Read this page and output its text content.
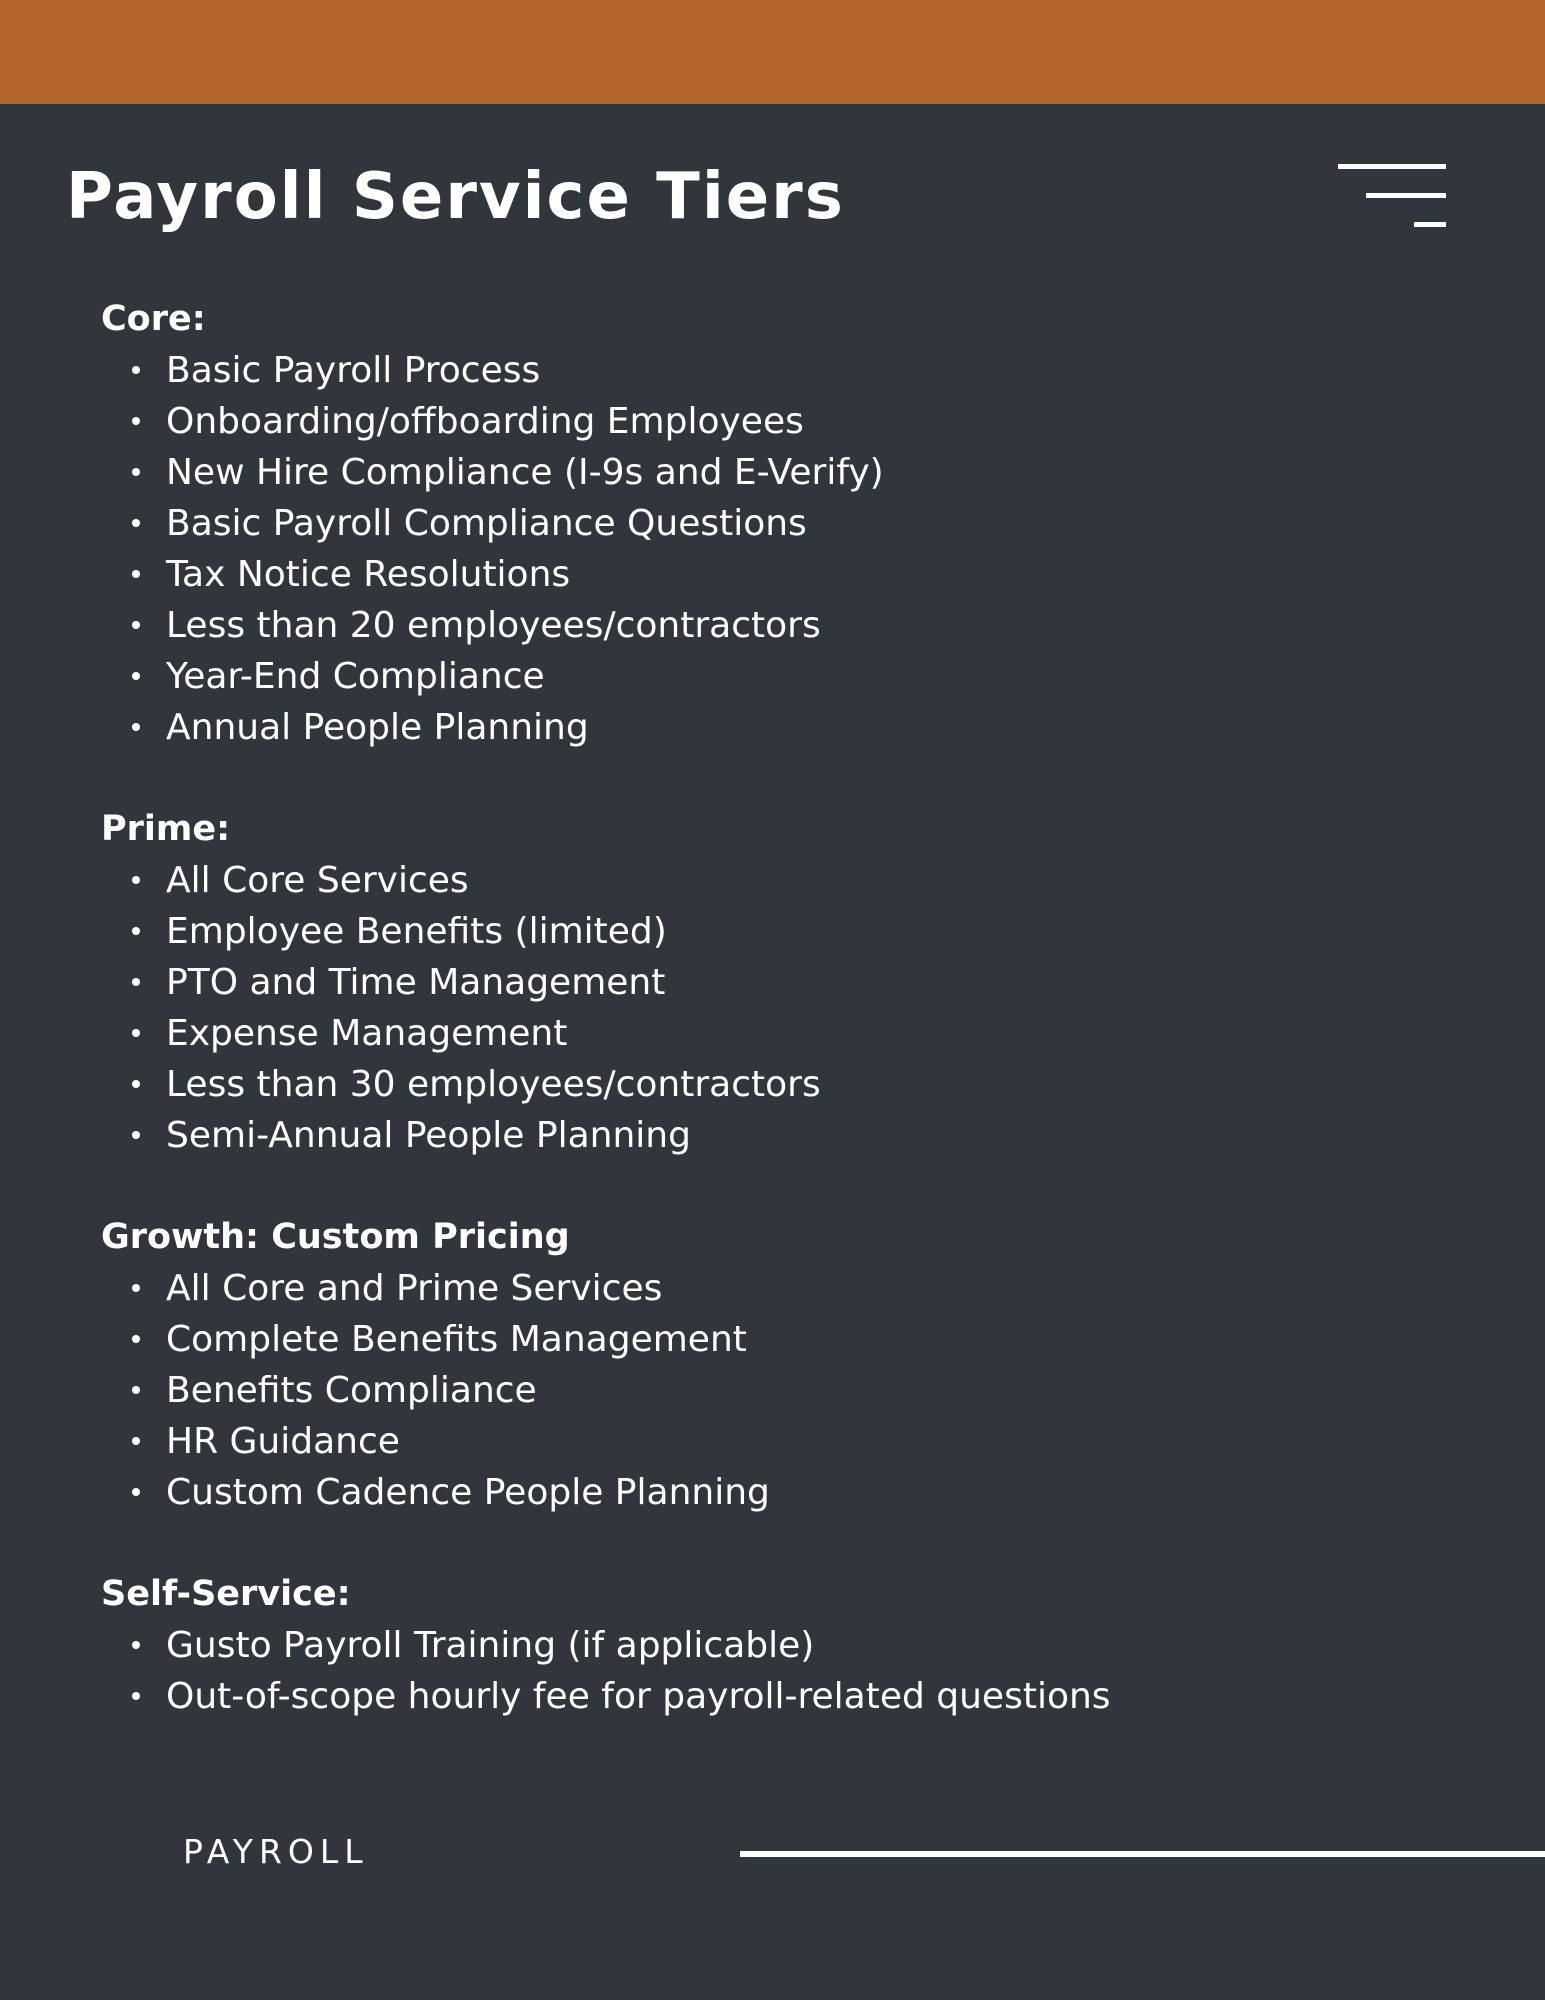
Payroll Service Tiers
Core:
Basic Payroll Process
Onboarding/offboarding Employees
New Hire Compliance (I-9s and E-Verify)
Basic Payroll Compliance Questions
Tax Notice Resolutions
Less than 20 employees/contractors
Year-End Compliance
Annual People Planning
Prime:
All Core Services
Employee Benefits (limited)
PTO and Time Management
Expense Management
Less than 30 employees/contractors
Semi-Annual People Planning
Growth: Custom Pricing
All Core and Prime Services
Complete Benefits Management
Benefits Compliance
HR Guidance
Custom Cadence People Planning
Self-Service:
Gusto Payroll Training (if applicable)
Out-of-scope hourly fee for payroll-related questions
PAYROLL
